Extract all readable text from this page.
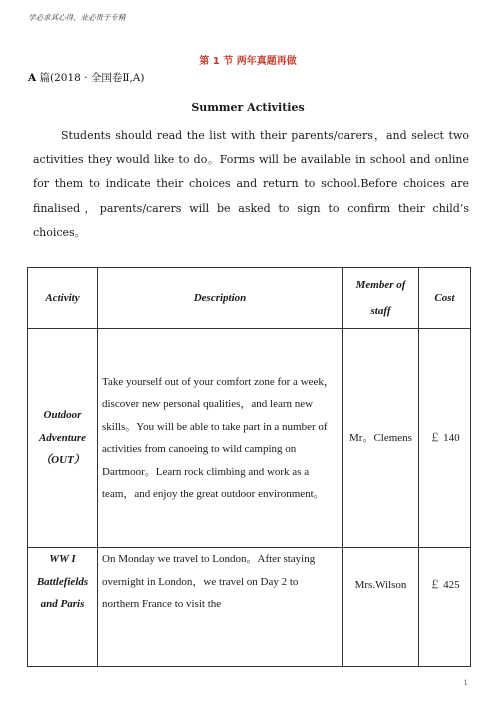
学必求其心得，业必贵于专精
第 1 节 两年真题再做
A 篇(2018 · 全国卷Ⅱ,A)
Summer Activities

Students should read the list with their parents/carers，and select two activities they would like to do。Forms will be available in school and online for them to indicate their choices and return to school.Before choices are finalised，parents/carers will be asked to sign to confirm their child’s choices。

Activity	Description	Member of staff	Cost
Outdoor Adventure（OUT）	Take yourself out of your comfort zone for a week，discover new personal qualities，and learn new skills。You will be able to take part in a number of activities from canoeing to wild camping on Dartmoor。Learn rock climbing and work as a team，and enjoy the great outdoor environment。	Mr。Clemens	￡ 140
WW I Battlefields and Paris	On Monday we travel to London。After staying overnight in London，we travel on Day 2 to northern France to visit the	Mrs.Wilson	￡ 425
1
